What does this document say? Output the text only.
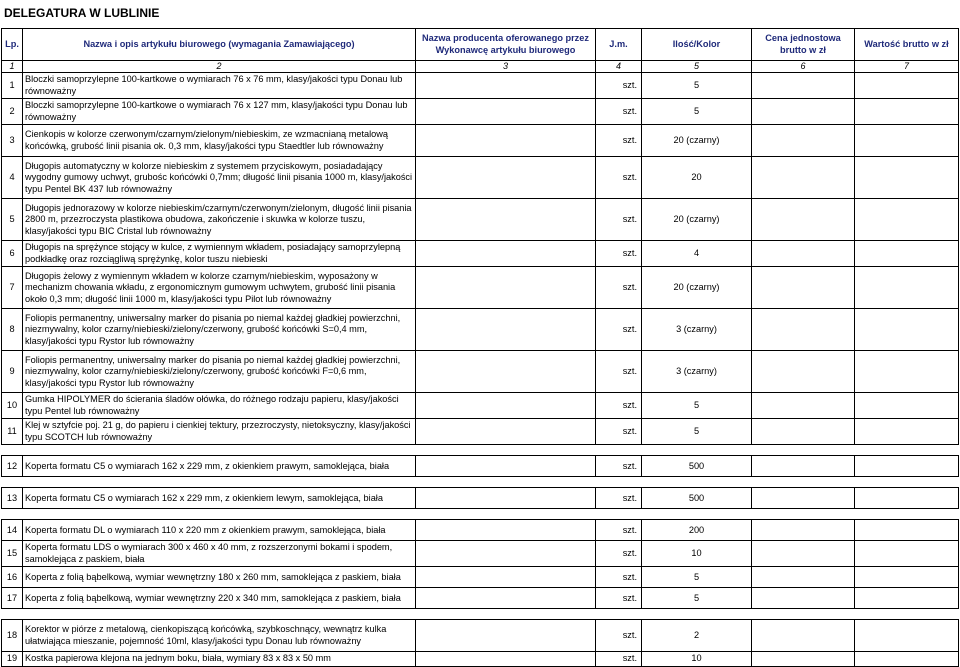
DELEGATURA W LUBLINIE
Lp.	Nazwa i opis artykułu biurowego (wymagania Zamawiającego)	Nazwa producenta oferowanego przez Wykonawcę artykułu biurowego	J.m.	Ilość/Kolor	Cena jednostowa brutto w zł	Wartość brutto w zł
1	2	3	4	5	6	7
1	Bloczki samoprzylepne 100-kartkowe o wymiarach 76 x 76 mm, klasy/jakości typu Donau lub równoważny		szt.	5		
2	Bloczki samoprzylepne 100-kartkowe o wymiarach 76 x 127 mm, klasy/jakości typu Donau lub równoważny		szt.	5		
3	Cienkopis w kolorze czerwonym/czarnym/zielonym/niebieskim, ze wzmacnianą metalową końcówką, grubość linii pisania ok. 0,3 mm, klasy/jakości typu Staedtler lub równoważny		szt.	20 (czarny)		
4	Długopis automatyczny w kolorze niebieskim z systemem przyciskowym, posiadadający wygodny gumowy uchwyt, grubośc końcówki 0,7mm; długość linii pisania 1000 m, klasy/jakości typu Pentel BK 437 lub równoważny		szt.	20		
5	Długopis jednorazowy w kolorze niebieskim/czarnym/czerwonym/zielonym, długość linii pisania 2800 m, przezroczysta plastikowa obudowa, zakończenie i skuwka w kolorze tuszu, klasy/jakości typu BIC Cristal lub równoważny		szt.	20 (czarny)		
6	Długopis na sprężynce stojący w kulce, z wymiennym wkładem, posiadający samoprzylepną podkładkę oraz rozciągliwą sprężynkę, kolor tuszu niebieski		szt.	4		
7	Długopis żelowy z wymiennym wkładem w kolorze czarnym/niebieskim, wyposażony w mechanizm chowania wkładu, z ergonomicznym gumowym uchwytem, grubość linii pisania około 0,3 mm; długość linii 1000 m, klasy/jakości typu Pilot lub równoważny		szt.	20 (czarny)		
8	Foliopis permanentny, uniwersalny marker do pisania po niemal każdej gładkiej powierzchni, niezmywalny, kolor czarny/niebieski/zielony/czerwony, grubość końcówki S=0,4 mm, klasy/jakości typu Rystor lub równoważny		szt.	3 (czarny)		
9	Foliopis permanentny, uniwersalny marker do pisania po niemal każdej gładkiej powierzchni, niezmywalny, kolor czarny/niebieski/zielony/czerwony, grubość końcówki F=0,6 mm, klasy/jakości typu Rystor lub równoważny		szt.	3 (czarny)		
10	Gumka HIPOLYMER do ścierania śladów ołówka, do różnego rodzaju papieru, klasy/jakości typu Pentel lub równoważny		szt.	5		
11	Klej w sztyfcie poj. 21 g, do papieru i cienkiej tektury, przezroczysty, nietoksyczny, klasy/jakości typu SCOTCH lub równoważny		szt.	5		

12	Koperta formatu C5 o wymiarach 162 x 229 mm, z okienkiem prawym, samoklejąca, biała		szt.	500		

13	Koperta formatu C5 o wymiarach 162 x 229 mm, z okienkiem lewym, samoklejąca, biała		szt.	500		

14	Koperta formatu DL o wymiarach 110 x 220 mm z okienkiem prawym, samoklejąca, biała		szt.	200		
15	Koperta formatu LDS o wymiarach 300 x 460 x 40 mm, z rozszerzonymi bokami i spodem, samoklejąca z paskiem, biała		szt.	10		
16	Koperta z folią bąbelkową, wymiar wewnętrzny 180 x 260 mm, samoklejąca z paskiem, biała		szt.	5		
17	Koperta z folią bąbelkową, wymiar wewnętrzny 220 x 340 mm, samoklejąca z paskiem, biała		szt.	5		

18	Korektor w piórze z metalową, cienkopiszącą końcówką, szybkoschnący, wewnątrz kulka ułatwiająca mieszanie, pojemność 10ml, klasy/jakości typu Donau lub równoważny		szt.	2		
19	Kostka papierowa klejona na jednym boku, biała, wymiary 83 x 83 x 50 mm		szt.	10		
